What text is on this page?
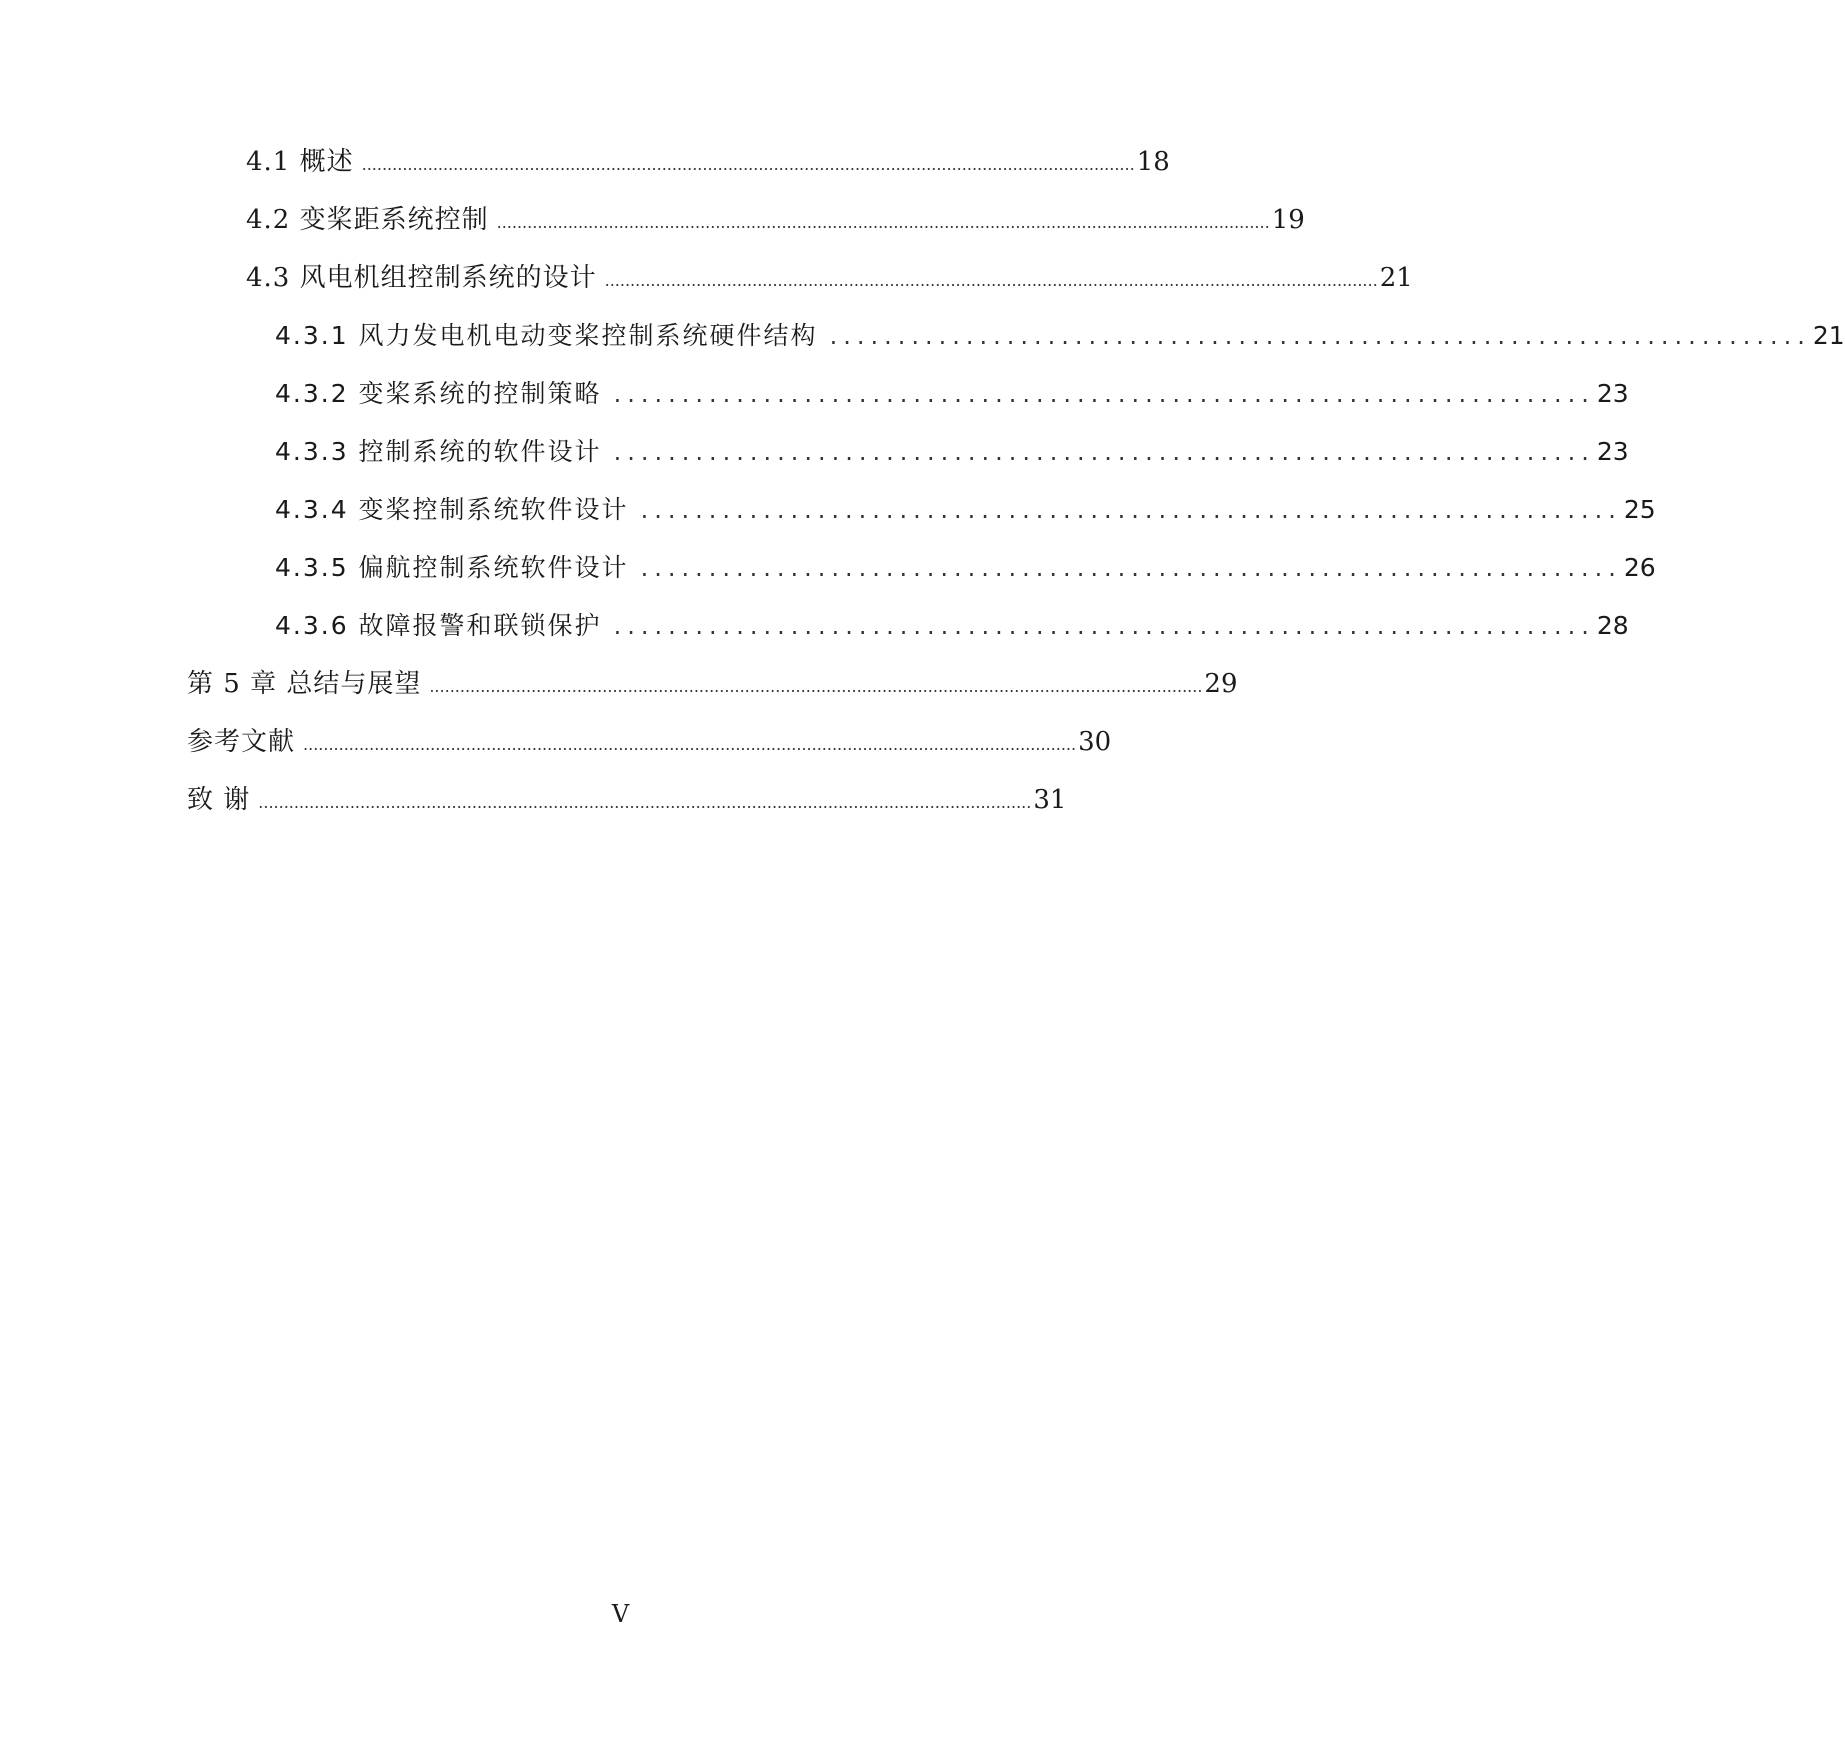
4.1 概述 ........................................................................................................................................................ 18
4.2 变桨距系统控制 ........................................................................................................................................................ 19
4.3 风电机组控制系统的设计 ........................................................................................................................................................ 21
4.3.1 风力发电机电动变桨控制系统硬件结构 ........................................................................ 21
4.3.2 变桨系统的控制策略 ........................................................................ 23
4.3.3 控制系统的软件设计 ........................................................................ 23
4.3.4 变桨控制系统软件设计 ........................................................................ 25
4.3.5 偏航控制系统软件设计 ........................................................................ 26
4.3.6 故障报警和联锁保护 ........................................................................ 28
第 5 章 总结与展望 ........................................................................................................................................................ 29
参考文献 ........................................................................................................................................................ 30
致 谢 ........................................................................................................................................................ 31
V
